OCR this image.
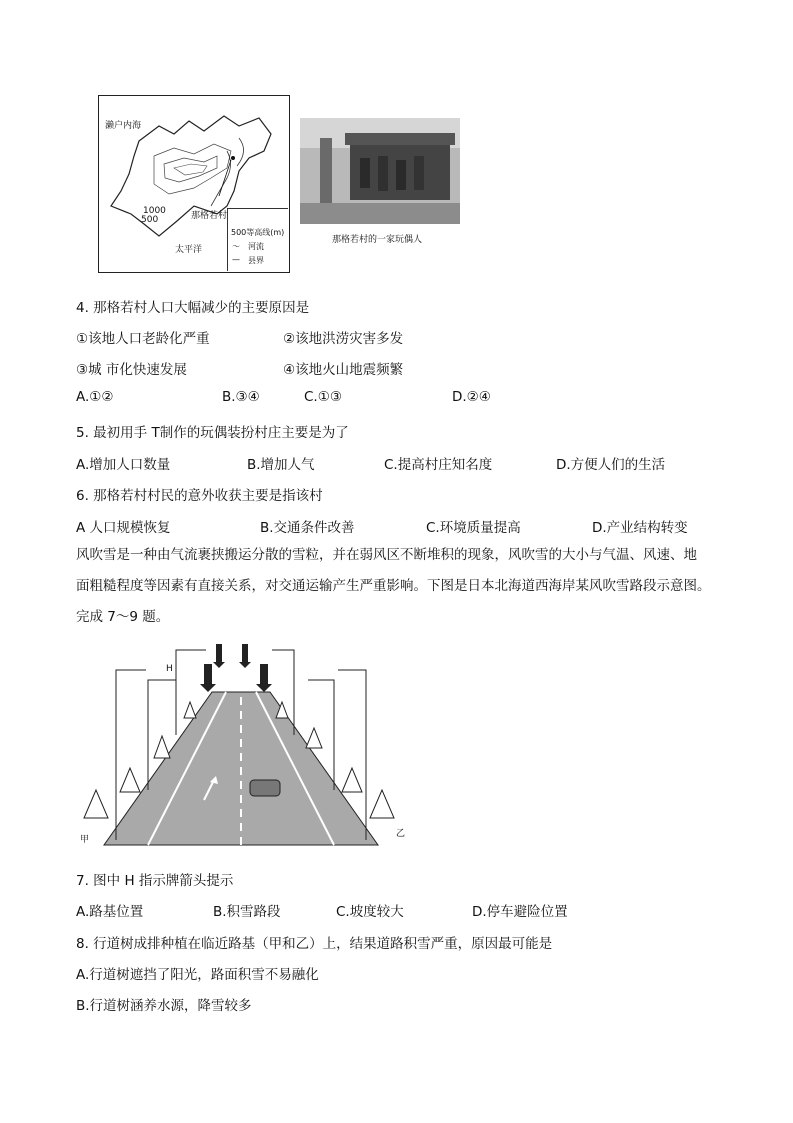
濑户内海
1000
500	那格若村
太平洋
500等高线(m)
〜 河流
— 县界
那格若村的一家玩偶人
4. 那格若村人口大幅减少的主要原因是
①该地人口老龄化严重	②该地洪涝灾害多发
③城 市化快速发展	④该地火山地震频繁
A.①②	B.③④	C.①③	D.②④
5. 最初用手 T制作的玩偶装扮村庄主要是为了
A.增加人口数量	B.增加人气	C.提高村庄知名度	D.方便人们的生活
6. 那格若村村民的意外收获主要是指该村
A 人口规模恢复	B.交通条件改善	C.环境质量提高	D.产业结构转变
风吹雪是一种由气流裹挟搬运分散的雪粒，并在弱风区不断堆积的现象，风吹雪的大小与气温、风速、地
面粗糙程度等因素有直接关系，对交通运输产生严重影响。下图是日本北海道西海岸某风吹雪路段示意图。
完成 7～9 题。
H
甲
乙
7. 图中 H 指示牌箭头提示
A.路基位置	B.积雪路段	C.坡度较大	D.停车避险位置
8. 行道树成排种植在临近路基（甲和乙）上，结果道路积雪严重，原因最可能是
A.行道树遮挡了阳光，路面积雪不易融化
B.行道树涵养水源，降雪较多
